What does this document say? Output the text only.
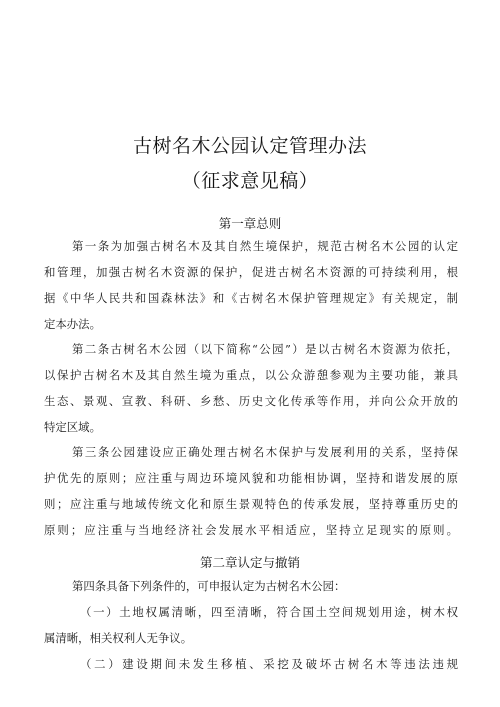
古树名木公园认定管理办法
（征求意见稿）
第一章总则
第一条为加强古树名木及其自然生境保护，规范古树名木公园的认定
和管理，加强古树名木资源的保护，促进古树名木资源的可持续利用，根
据《中华人民共和国森林法》和《古树名木保护管理规定》有关规定，制
定本办法。
第二条古树名木公园（以下简称“公园”）是以古树名木资源为依托，
以保护古树名木及其自然生境为重点，以公众游憩参观为主要功能，兼具
生态、景观、宣教、科研、乡愁、历史文化传承等作用，并向公众开放的
特定区域。
第三条公园建设应正确处理古树名木保护与发展利用的关系，坚持保
护优先的原则；应注重与周边环境风貌和功能相协调，坚持和谐发展的原
则；应注重与地域传统文化和原生景观特色的传承发展，坚持尊重历史的
原则；应注重与当地经济社会发展水平相适应，坚持立足现实的原则。
第二章认定与撤销
第四条具备下列条件的，可申报认定为古树名木公园：
（一）土地权属清晰，四至清晰，符合国土空间规划用途，树木权
属清晰，相关权利人无争议。
（二）建设期间未发生移植、采挖及破坏古树名木等违法违规
